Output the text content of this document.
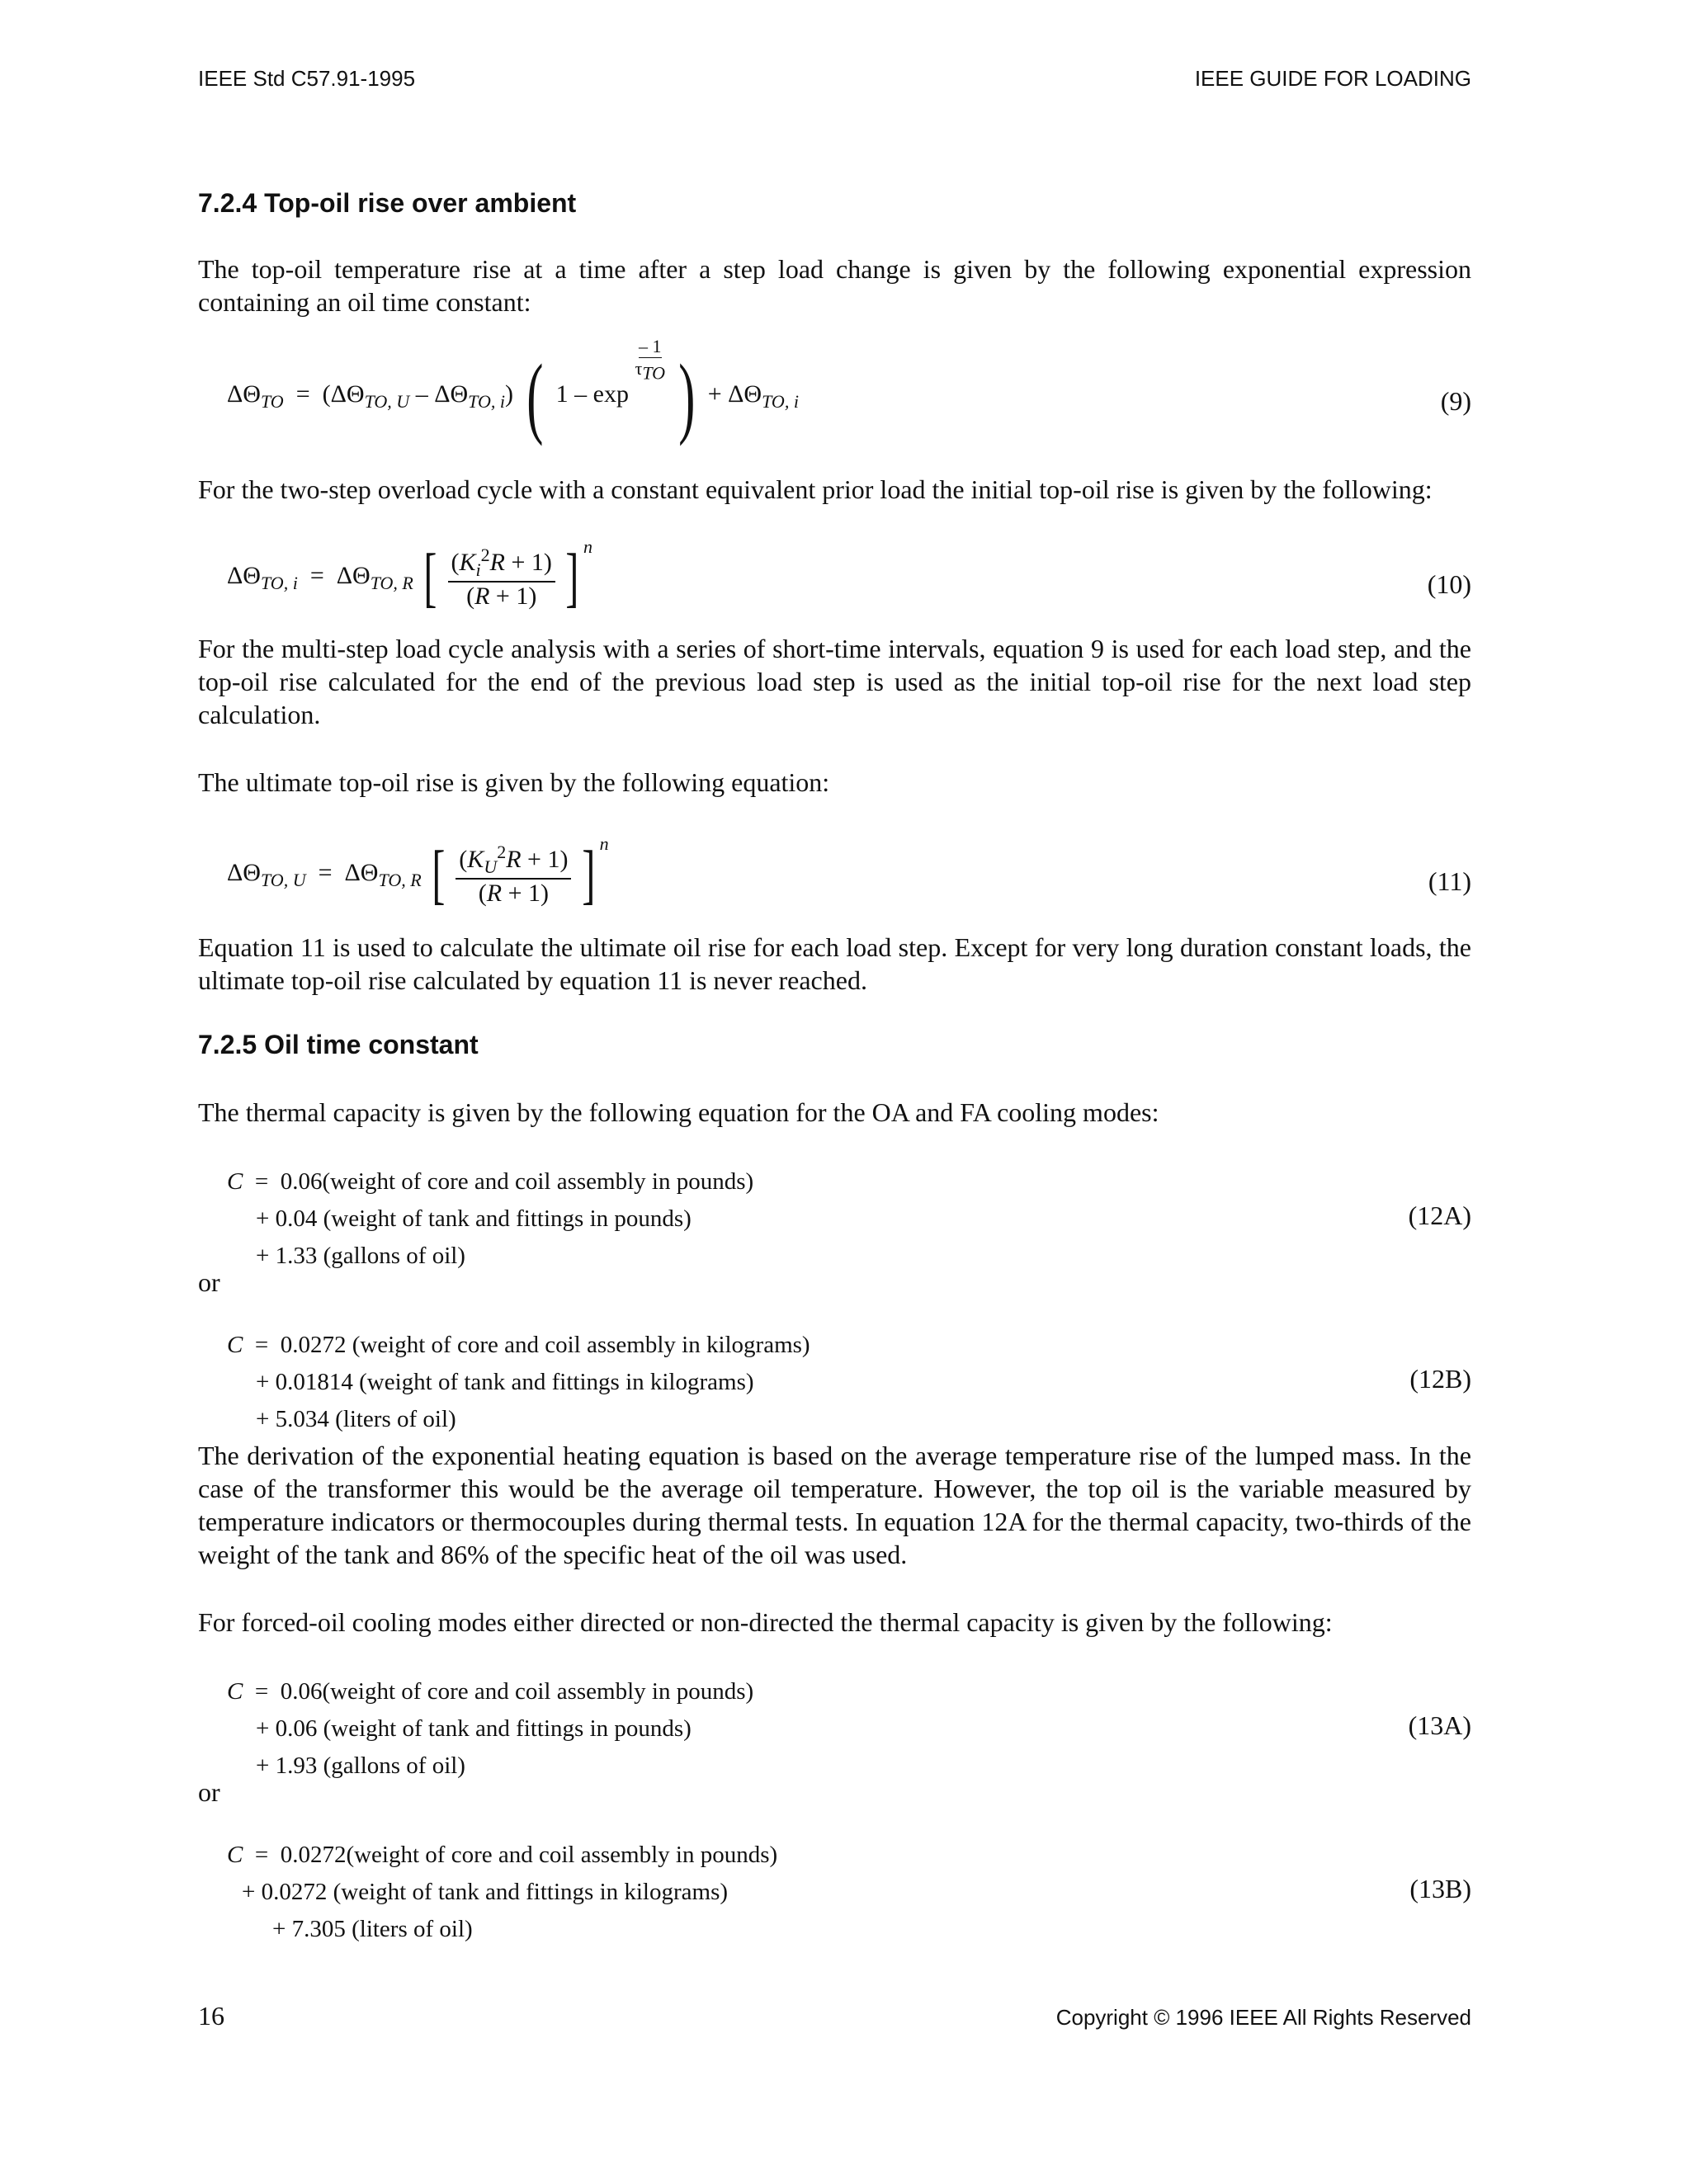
IEEE Std C57.91-1995	IEEE GUIDE FOR LOADING
7.2.4 Top-oil rise over ambient
The top-oil temperature rise at a time after a step load change is given by the following exponential expression containing an oil time constant:
$\Delta\Theta_{TO} = (\Delta\Theta_{TO, U} - \Delta\Theta_{TO, i})$ ( 1 – exp
– 1
$\tau_{TO}$ ) + $\Delta\Theta_{TO, i}$	(9)
For the two-step overload cycle with a constant equivalent prior load the initial top-oil rise is given by the following:
$\Delta\Theta_{TO, i} = \Delta\Theta_{TO, R}$ [ $\frac{(K_i^2R + 1)}{(R + 1)}$ ] $^n$
(10)
For the multi-step load cycle analysis with a series of short-time intervals, equation 9 is used for each load step, and the top-oil rise calculated for the end of the previous load step is used as the initial top-oil rise for the next load step calculation.
The ultimate top-oil rise is given by the following equation:
$\Delta\Theta_{TO, U} = \Delta\Theta_{TO, R}$ [ $\frac{(K_U^2R + 1)}{(R + 1)}$ ] $^n$
(11)
Equation 11 is used to calculate the ultimate oil rise for each load step. Except for very long duration constant loads, the ultimate top-oil rise calculated by equation 11 is never reached.
7.2.5 Oil time constant
The thermal capacity is given by the following equation for the OA and FA cooling modes:
C  =  0.06(weight of core and coil assembly in pounds)
+ 0.04 (weight of tank and fittings in pounds)
+ 1.33 (gallons of oil)
(12A)
or
C  =  0.0272 (weight of core and coil assembly in kilograms)
+ 0.01814 (weight of tank and fittings in kilograms)
+ 5.034 (liters of oil)
(12B)
The derivation of the exponential heating equation is based on the average temperature rise of the lumped mass. In the case of the transformer this would be the average oil temperature. However, the top oil is the variable measured by temperature indicators or thermocouples during thermal tests. In equation 12A for the thermal capacity, two-thirds of the weight of the tank and 86% of the specific heat of the oil was used.
For forced-oil cooling modes either directed or non-directed the thermal capacity is given by the following:
C  =  0.06(weight of core and coil assembly in pounds)
+ 0.06 (weight of tank and fittings in pounds)
+ 1.93 (gallons of oil)
(13A)
or
C  =  0.0272(weight of core and coil assembly in pounds)
+ 0.0272 (weight of tank and fittings in kilograms)
+ 7.305 (liters of oil)
(13B)
16	Copyright © 1996 IEEE All Rights Reserved
